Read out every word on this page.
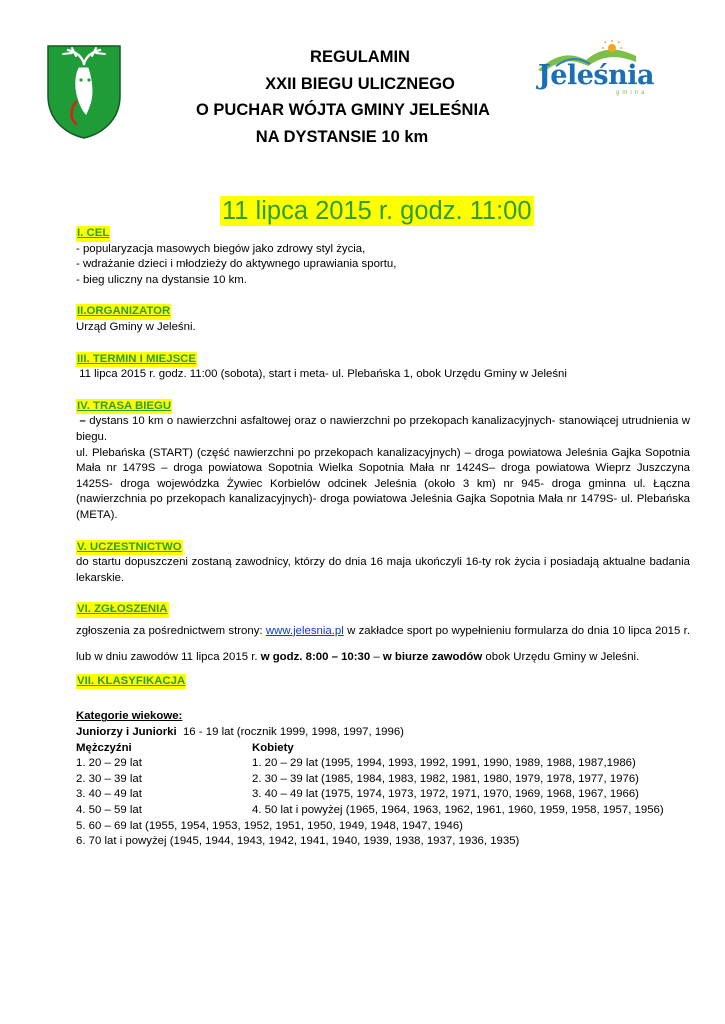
REGULAMIN
XXII BIEGU ULICZNEGO
O PUCHAR WÓJTA GMINY JELEŚNIA
NA DYSTANSIE 10 km
Jeleśnia
gmina
11 lipca 2015 r. godz. 11:00
I. CEL

- popularyzacja masowych biegów jako zdrowy styl życia,

- wdrażanie dzieci i młodzieży do aktywnego uprawiania sportu,

- bieg uliczny na dystansie 10 km.

II.ORGANIZATOR

Urząd Gminy w Jeleśni.

III. TERMIN I MIEJSCE

11 lipca 2015 r. godz. 11:00 (sobota), start i meta- ul. Plebańska 1, obok Urzędu Gminy w Jeleśni

IV. TRASA BIEGU

– dystans 10 km o nawierzchni asfaltowej oraz o nawierzchni po przekopach kanalizacyjnych- stanowiącej utrudnienia w biegu.

ul. Plebańska (START) (część nawierzchni po przekopach kanalizacyjnych) – droga powiatowa Jeleśnia Gajka Sopotnia Mała nr 1479S – droga powiatowa Sopotnia Wielka Sopotnia Mała nr 1424S– droga powiatowa Wieprz Juszczyna 1425S- droga wojewódzka Żywiec Korbielów odcinek Jeleśnia (około 3 km) nr 945- droga gminna ul. Łączna (nawierzchnia po przekopach kanalizacyjnych)- droga powiatowa Jeleśnia Gajka Sopotnia Mała nr 1479S- ul. Plebańska (META).

V. UCZESTNICTWO

do startu dopuszczeni zostaną zawodnicy, którzy do dnia 16 maja ukończyli 16-ty rok życia i posiadają aktualne badania lekarskie.

VI. ZGŁOSZENIA

zgłoszenia za pośrednictwem strony: www.jelesnia.pl w zakładce sport po wypełnieniu formularza do dnia 10 lipca 2015 r. lub w dniu zawodów 11 lipca 2015 r. w godz. 8:00 – 10:30 – w biurze zawodów obok Urzędu Gminy w Jeleśni.

VII. KLASYFIKACJA

Kategorie wiekowe:

Juniorzy i Juniorki  16 - 19 lat (rocznik 1999, 1998, 1997, 1996)

Mężczyźni	Kobiety
1. 20 – 29 lat	1. 20 – 29 lat (1995, 1994, 1993, 1992, 1991, 1990, 1989, 1988, 1987,1986)
2. 30 – 39 lat	2. 30 – 39 lat (1985, 1984, 1983, 1982, 1981, 1980, 1979, 1978, 1977, 1976)
3. 40 – 49 lat	3. 40 – 49 lat (1975, 1974, 1973, 1972, 1971, 1970, 1969, 1968, 1967, 1966)
4. 50 – 59 lat	4. 50 lat i powyżej (1965, 1964, 1963, 1962, 1961, 1960, 1959, 1958, 1957, 1956)

5. 60 – 69 lat (1955, 1954, 1953, 1952, 1951, 1950, 1949, 1948, 1947, 1946)

6. 70 lat i powyżej (1945, 1944, 1943, 1942, 1941, 1940, 1939, 1938, 1937, 1936, 1935)
